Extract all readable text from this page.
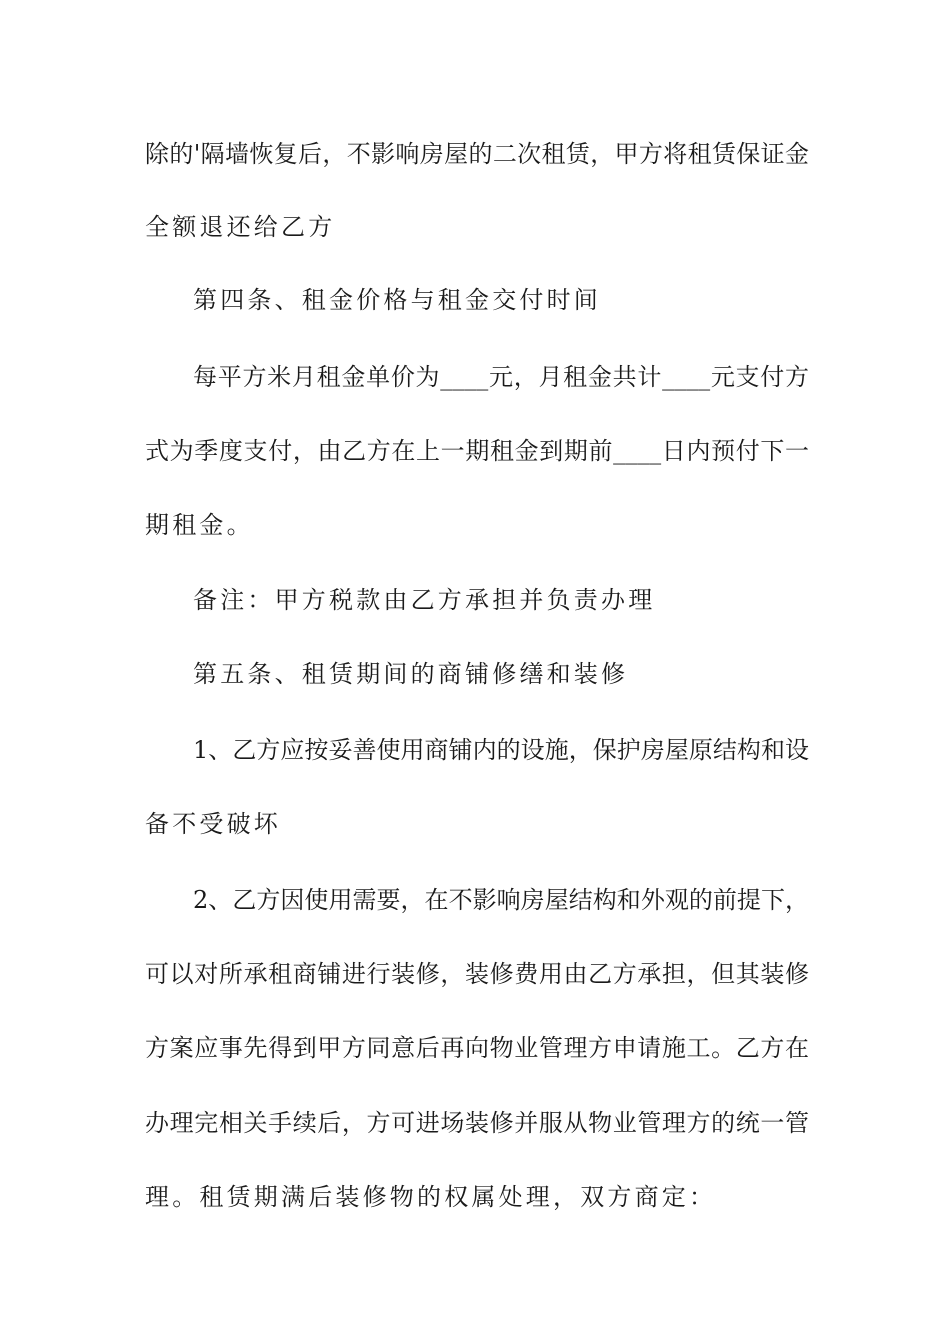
除的'隔墙恢复后，不影响房屋的二次租赁，甲方将租赁保证金
全额退还给乙方
第四条、租金价格与租金交付时间
每平方米月租金单价为____元，月租金共计____元支付方
式为季度支付，由乙方在上一期租金到期前____日内预付下一
期租金。
备注：甲方税款由乙方承担并负责办理
第五条、租赁期间的商铺修缮和装修
1、乙方应按妥善使用商铺内的设施，保护房屋原结构和设
备不受破坏
2、乙方因使用需要，在不影响房屋结构和外观的前提下，
可以对所承租商铺进行装修，装修费用由乙方承担，但其装修
方案应事先得到甲方同意后再向物业管理方申请施工。乙方在
办理完相关手续后，方可进场装修并服从物业管理方的统一管
理。租赁期满后装修物的权属处理，双方商定：
